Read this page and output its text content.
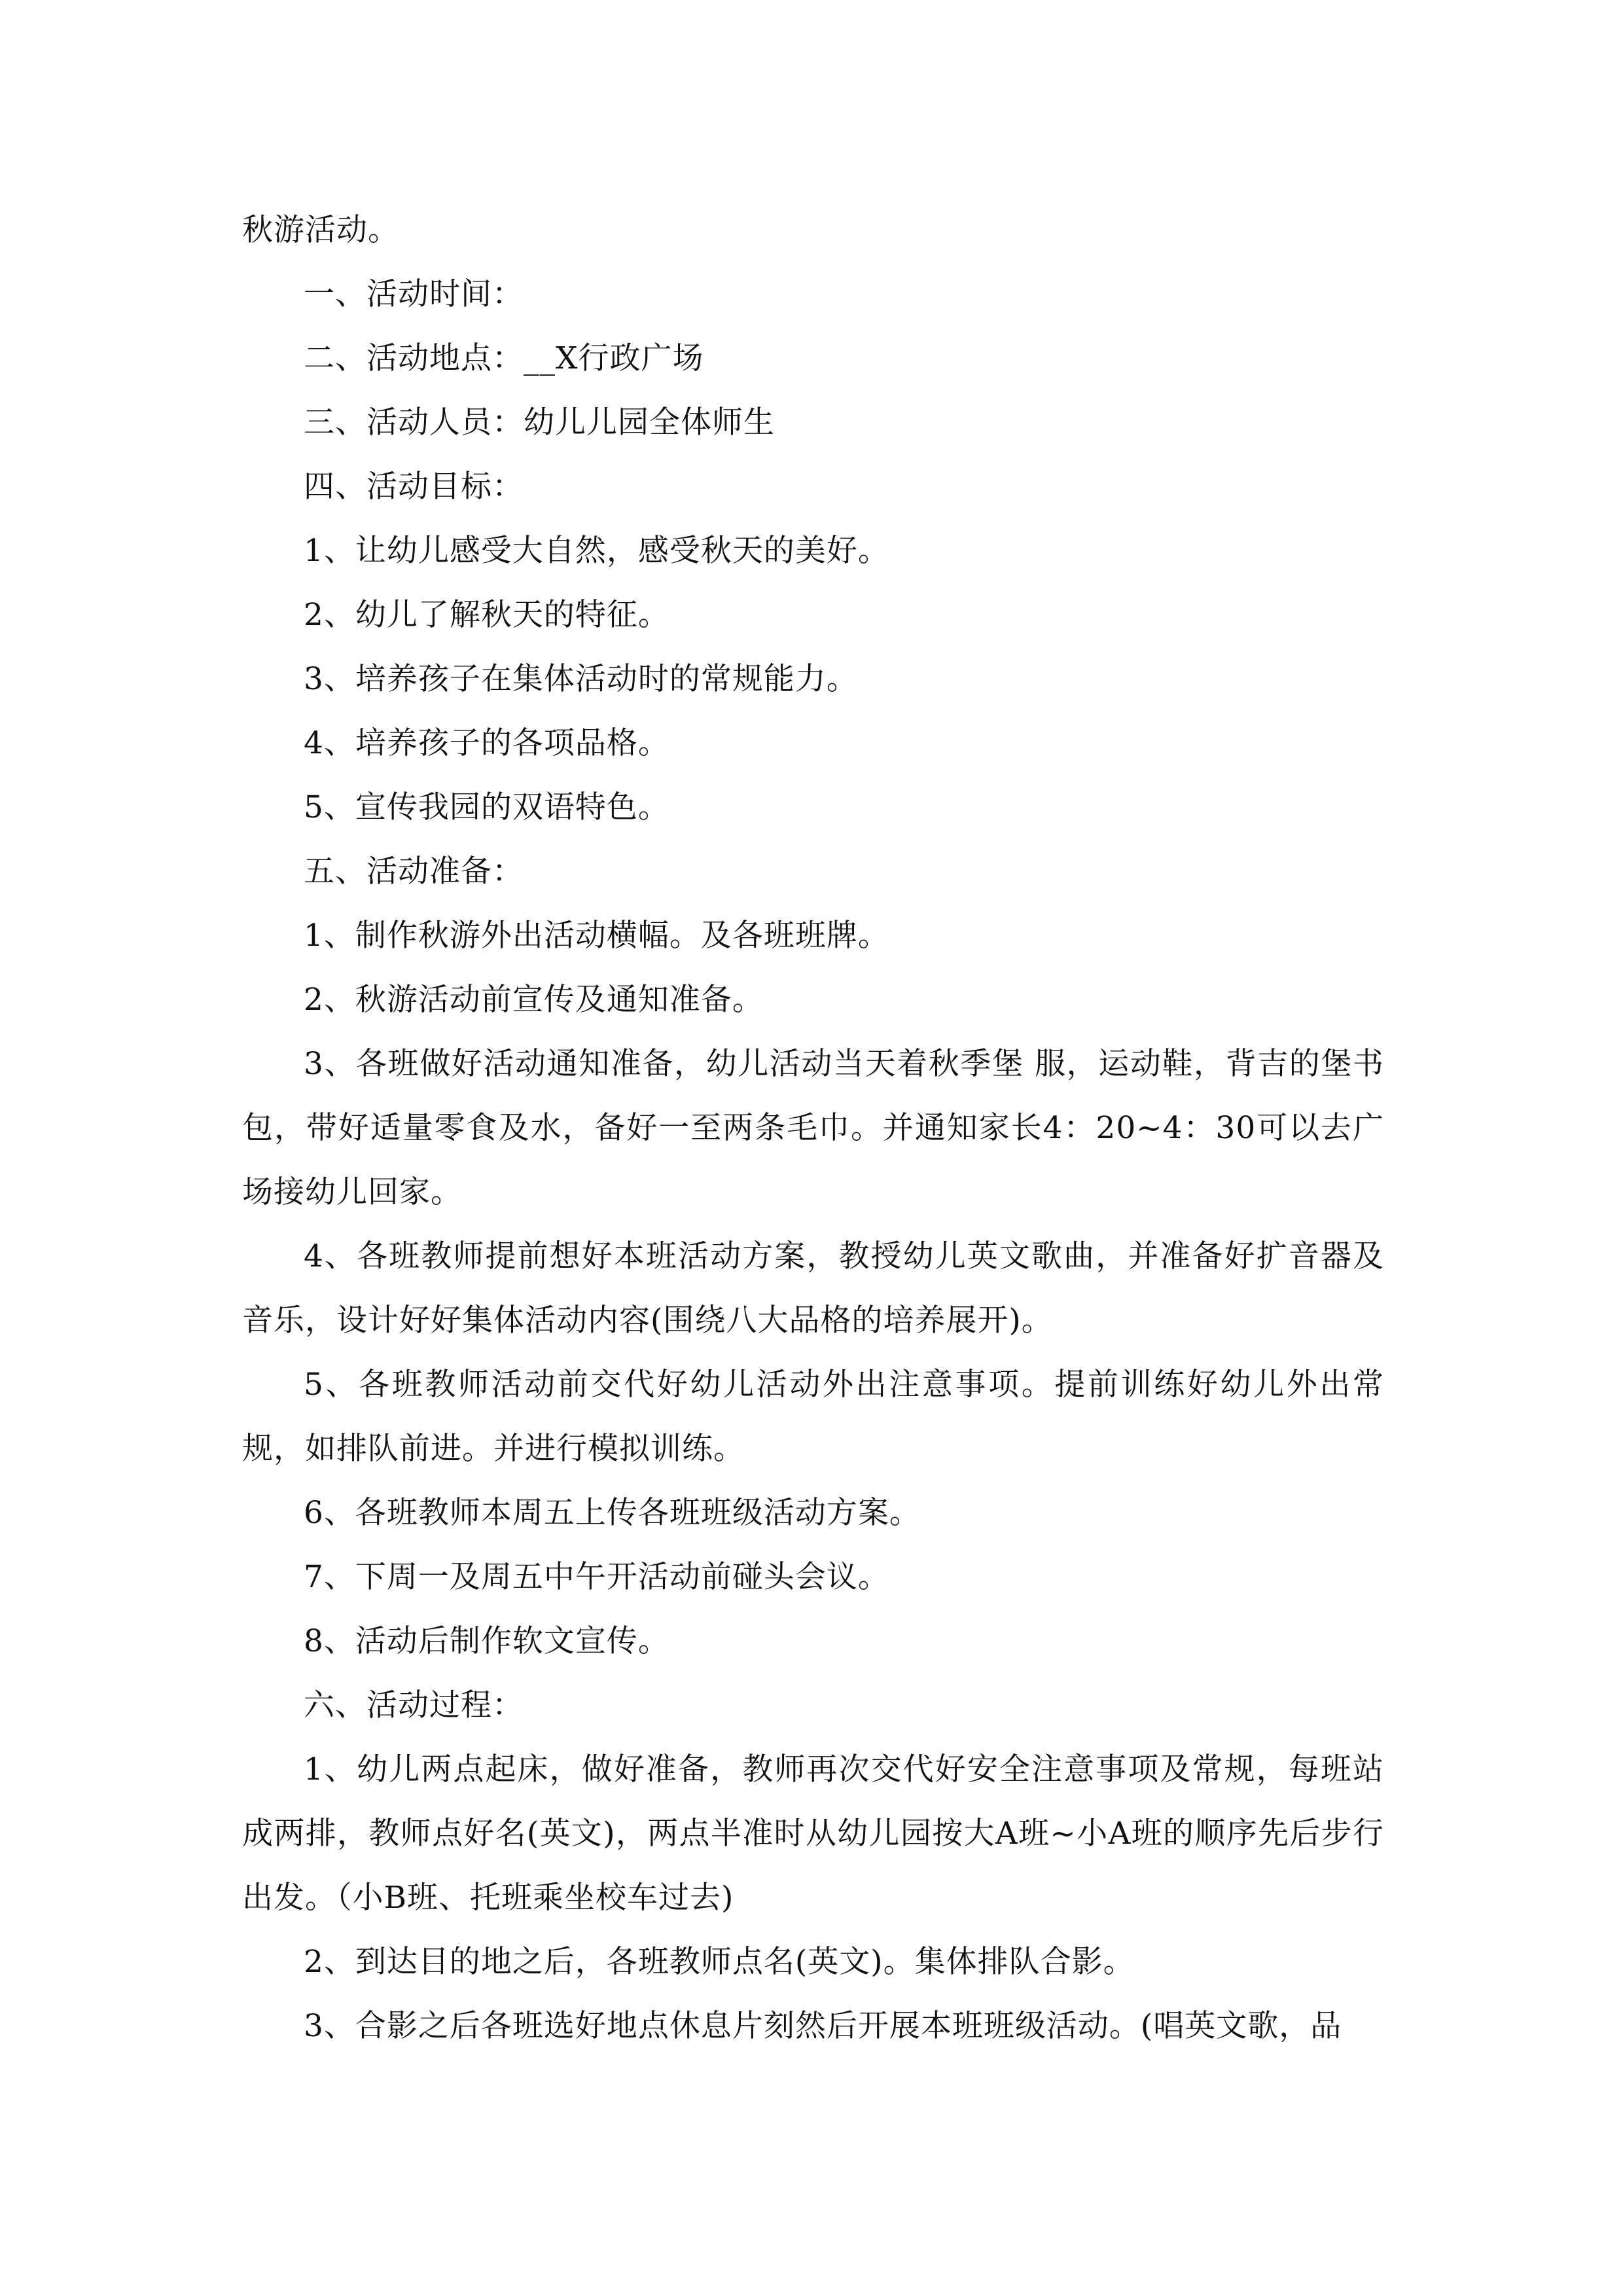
秋游活动。
一、活动时间：
二、活动地点：__X行政广场
三、活动人员：幼儿儿园全体师生
四、活动目标：
1、让幼儿感受大自然，感受秋天的美好。
2、幼儿了解秋天的特征。
3、培养孩子在集体活动时的常规能力。
4、培养孩子的各项品格。
5、宣传我园的双语特色。
五、活动准备：
1、制作秋游外出活动横幅。及各班班牌。
2、秋游活动前宣传及通知准备。
3、各班做好活动通知准备，幼儿活动当天着秋季堡 服，运动鞋，背吉的堡书包，带好适量零食及水，备好一至两条毛巾。并通知家长4：20~4：30可以去广场接幼儿回家。
4、各班教师提前想好本班活动方案，教授幼儿英文歌曲，并准备好扩音器及音乐，设计好好集体活动内容(围绕八大品格的培养展开)。
5、各班教师活动前交代好幼儿活动外出注意事项。提前训练好幼儿外出常规，如排队前进。并进行模拟训练。
6、各班教师本周五上传各班班级活动方案。
7、下周一及周五中午开活动前碰头会议。
8、活动后制作软文宣传。
六、活动过程：
1、幼儿两点起床，做好准备，教师再次交代好安全注意事项及常规，每班站成两排，教师点好名(英文)，两点半准时从幼儿园按大A班~小A班的顺序先后步行出发。（小B班、托班乘坐校车过去)
2、到达目的地之后，各班教师点名(英文)。集体排队合影。
3、合影之后各班选好地点休息片刻然后开展本班班级活动。(唱英文歌，品
